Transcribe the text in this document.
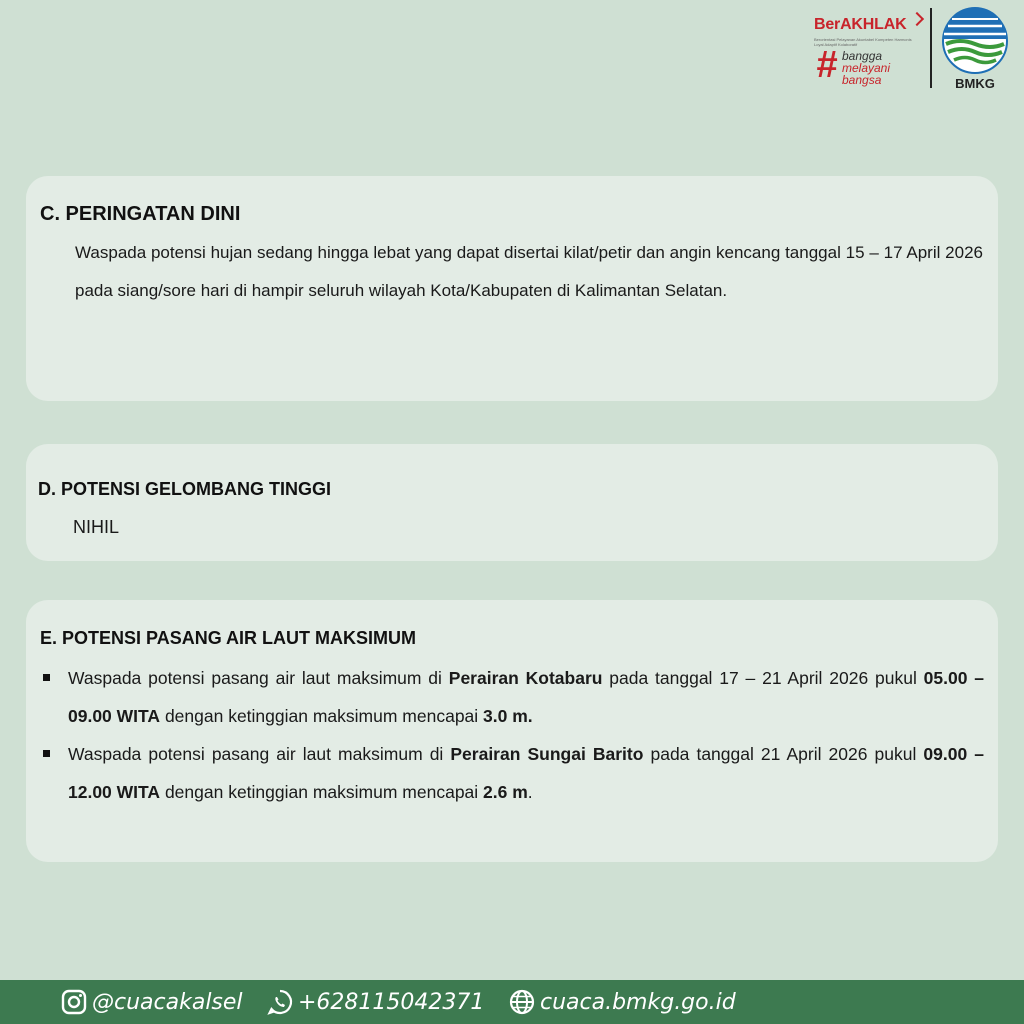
BerAKHLAK
Berorientasi Pelayanan Akuntabel Kompeten Harmonis Loyal Adaptif Kolaboratif
# bangga
melayani
bangsa	BMKG
C. PERINGATAN DINI
Waspada potensi hujan sedang hingga lebat yang dapat disertai kilat/petir dan angin kencang tanggal 15 – 17 April 2026 pada siang/sore hari di hampir seluruh wilayah Kota/Kabupaten di Kalimantan Selatan.
D. POTENSI GELOMBANG TINGGI
NIHIL
E. POTENSI PASANG AIR LAUT MAKSIMUM
Waspada potensi pasang air laut maksimum di Perairan Kotabaru pada tanggal 17 – 21 April 2026 pukul 05.00 – 09.00 WITA dengan ketinggian maksimum mencapai 3.0 m.
Waspada potensi pasang air laut maksimum di Perairan Sungai Barito pada tanggal 21 April 2026 pukul 09.00 – 12.00 WITA dengan ketinggian maksimum mencapai 2.6 m.
@cuacakalsel	+628115042371	cuaca.bmkg.go.id
